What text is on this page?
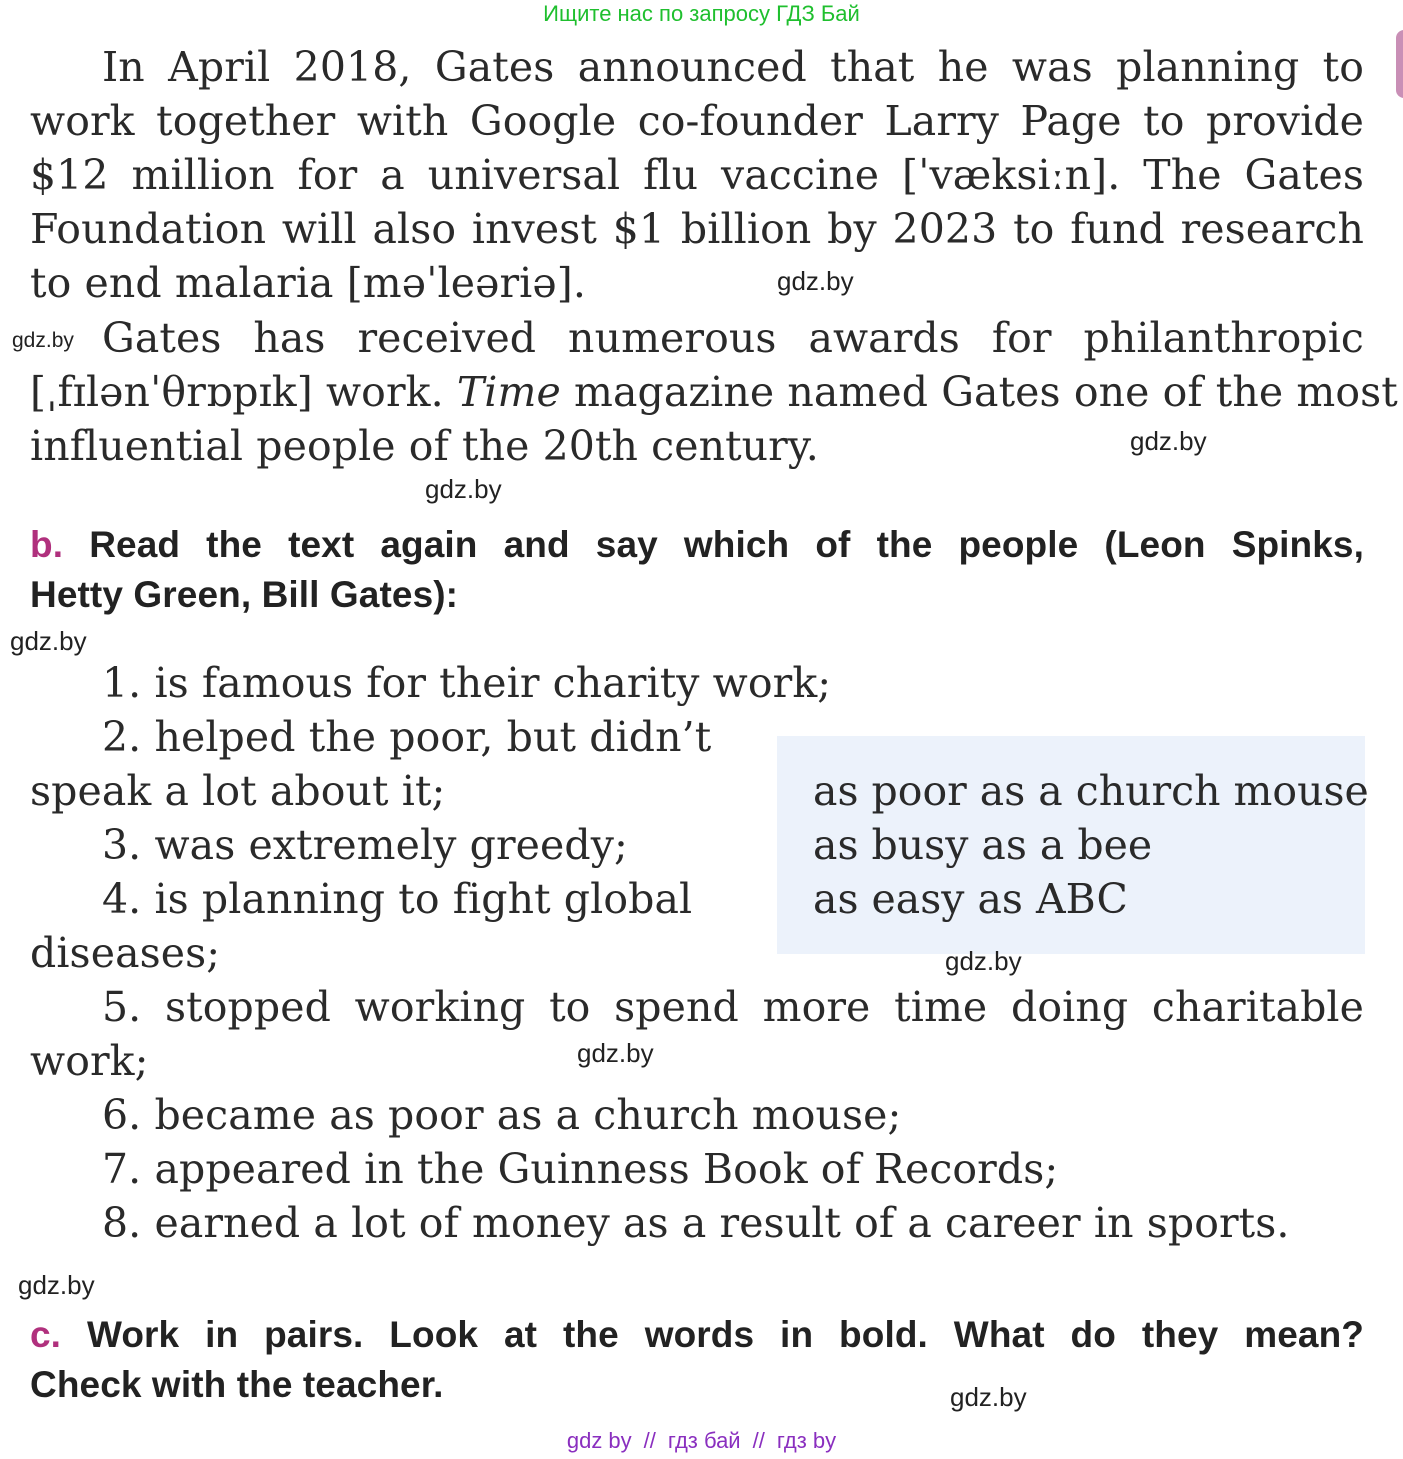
Ищите нас по запросу ГДЗ Бай
In April 2018, Gates announced that he was planning to
work together with Google co-founder Larry Page to provide
$12 million for a universal flu vaccine [ˈvæksiːn]. The Gates
Foundation will also invest $1 billion by 2023 to fund research
to end malaria [məˈleəriə].
Gates has received numerous awards for philanthropic
[ˌfɪlənˈθrɒpɪk] work. Time magazine named Gates one of the most
influential people of the 20th century.
b. Read the text again and say which of the people (Leon Spinks,
Hetty Green, Bill Gates):
1. is famous for their charity work;
2. helped the poor, but didn’t
speak a lot about it;
3. was extremely greedy;
4. is planning to fight global
diseases;
5. stopped working to spend more time doing charitable
work;
6. became as poor as a church mouse;
7. appeared in the Guinness Book of Records;
8. earned a lot of money as a result of a career in sports.
as poor as a church mouse
as busy as a bee
as easy as ABC
c. Work in pairs. Look at the words in bold. What do they mean?
Check with the teacher.
gdz.by
gdz.by
gdz.by
gdz.by
gdz.by
gdz.by
gdz.by
gdz.by
gdz.by
gdz by // гдз бай // гдз by
